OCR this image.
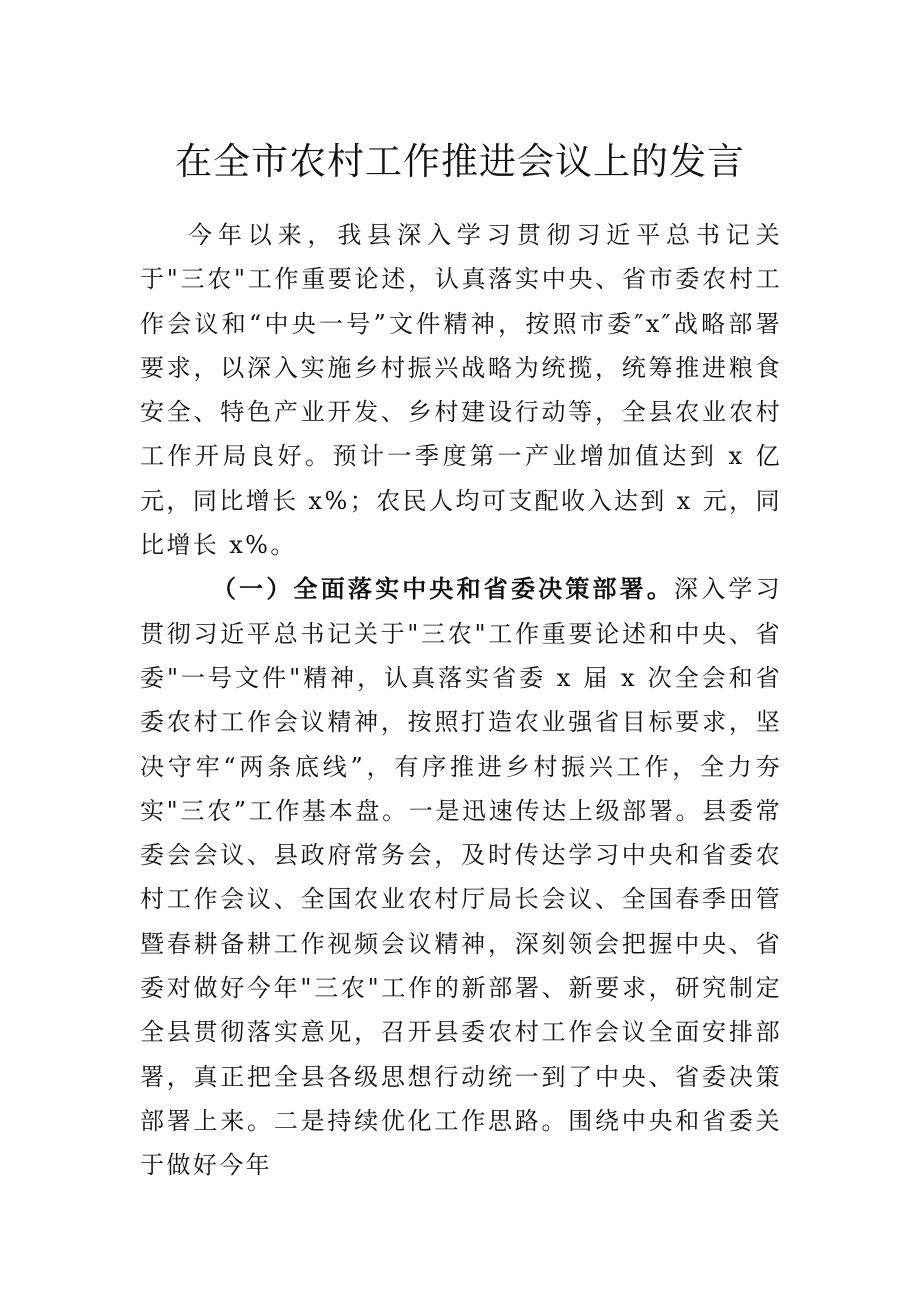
在全市农村工作推进会议上的发言

今年以来，我县深入学习贯彻习近平总书记关于"三农"工作重要论述，认真落实中央、省市委农村工作会议和“中央一号”文件精神，按照市委″x″战略部署要求，以深入实施乡村振兴战略为统揽，统筹推进粮食安全、特色产业开发、乡村建设行动等，全县农业农村工作开局良好。预计一季度第一产业增加值达到 x 亿元，同比增长 x%；农民人均可支配收入达到 x 元，同比增长 x%。

（一）全面落实中央和省委决策部署。深入学习贯彻习近平总书记关于"三农"工作重要论述和中央、省委"一号文件"精神，认真落实省委 x 届 x 次全会和省委农村工作会议精神，按照打造农业强省目标要求，坚决守牢“两条底线”，有序推进乡村振兴工作，全力夯实"三农”工作基本盘。一是迅速传达上级部署。县委常委会会议、县政府常务会，及时传达学习中央和省委农村工作会议、全国农业农村厅局长会议、全国春季田管暨春耕备耕工作视频会议精神，深刻领会把握中央、省委对做好今年"三农"工作的新部署、新要求，研究制定全县贯彻落实意见，召开县委农村工作会议全面安排部署，真正把全县各级思想行动统一到了中央、省委决策部署上来。二是持续优化工作思路。围绕中央和省委关于做好今年
